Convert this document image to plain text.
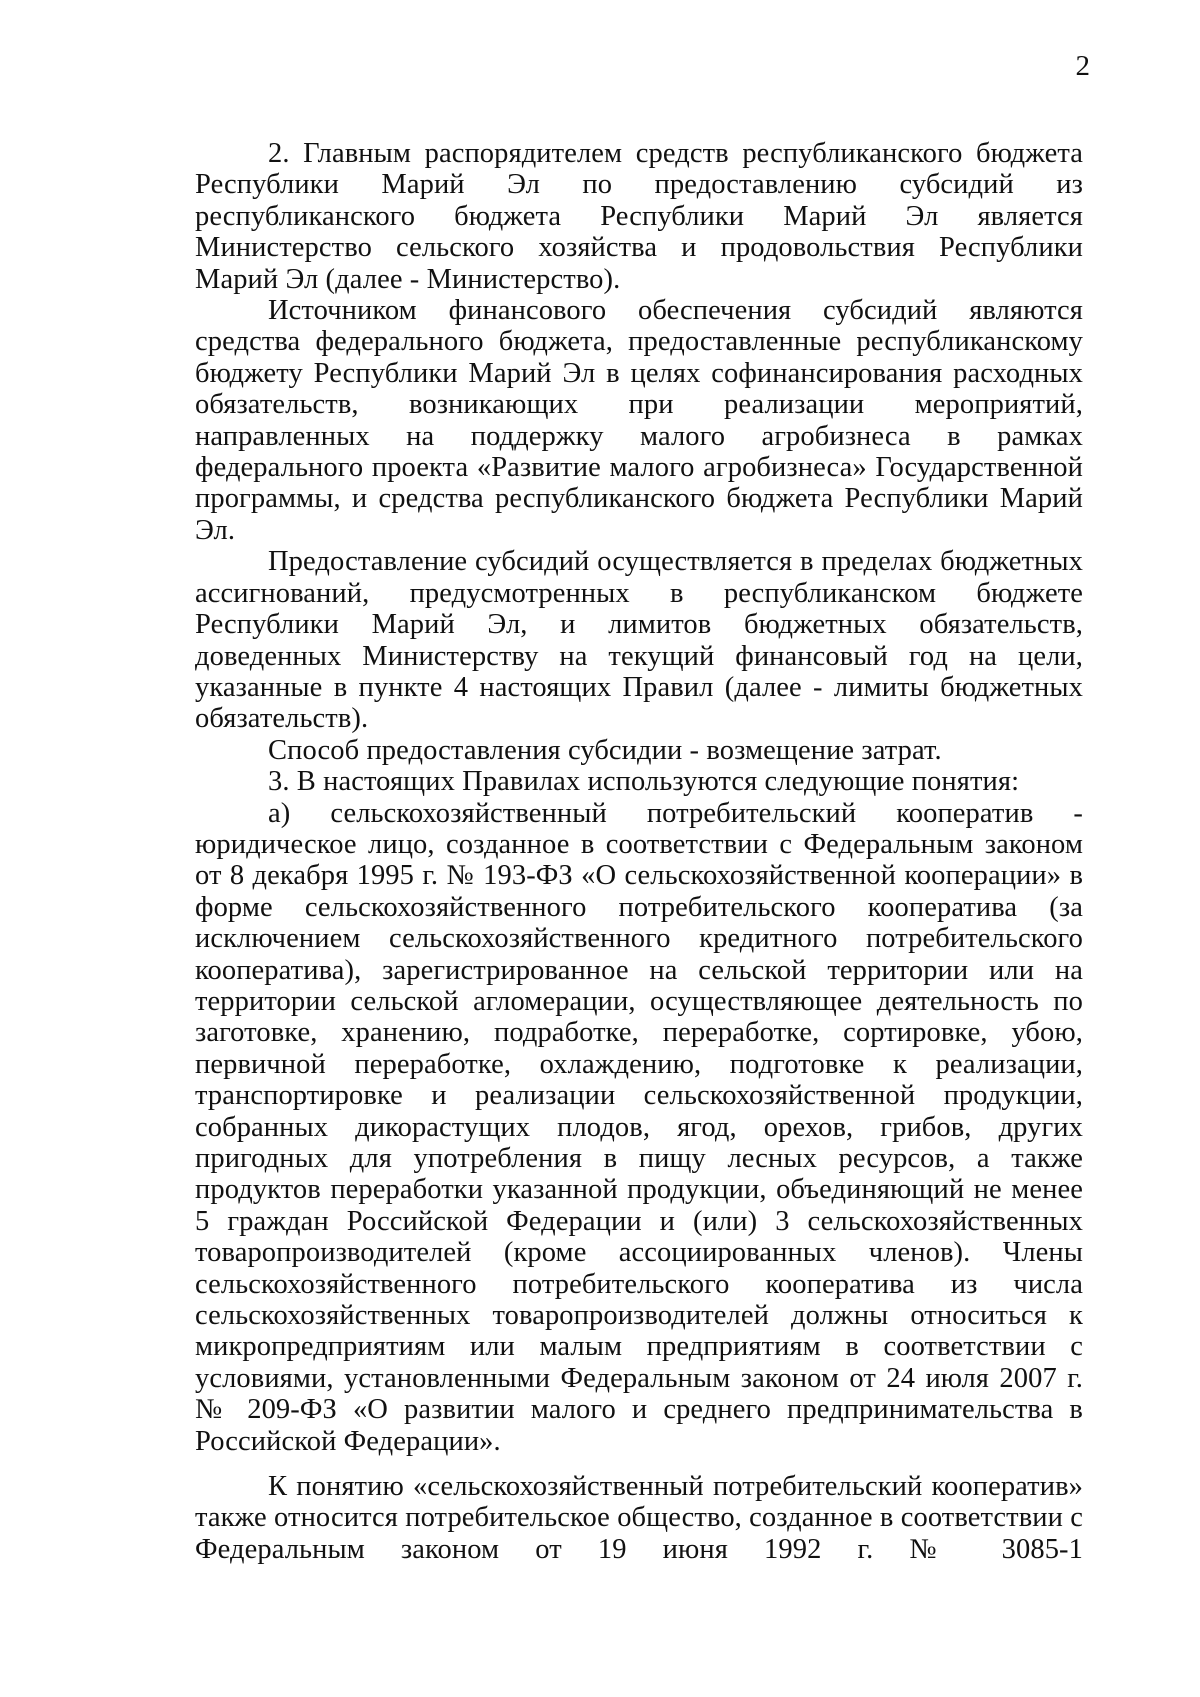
2

2. Главным распорядителем средств республиканского бюджета Республики Марий Эл по предоставлению субсидий из республиканского бюджета Республики Марий Эл является Министерство сельского хозяйства и продовольствия Республики Марий Эл (далее - Министерство).

Источником финансового обеспечения субсидий являются средства федерального бюджета, предоставленные республиканскому бюджету Республики Марий Эл в целях софинансирования расходных обязательств, возникающих при реализации мероприятий, направленных на поддержку малого агробизнеса в рамках федерального проекта «Развитие малого агробизнеса» Государственной программы, и средства республиканского бюджета Республики Марий Эл.

Предоставление субсидий осуществляется в пределах бюджетных ассигнований, предусмотренных в республиканском бюджете Республики Марий Эл, и лимитов бюджетных обязательств, доведенных Министерству на текущий финансовый год на цели, указанные в пункте 4 настоящих Правил (далее - лимиты бюджетных обязательств).

Способ предоставления субсидии - возмещение затрат.

3. В настоящих Правилах используются следующие понятия:

а) сельскохозяйственный потребительский кооператив - юридическое лицо, созданное в соответствии с Федеральным законом от 8 декабря 1995 г. № 193-ФЗ «О сельскохозяйственной кооперации» в форме сельскохозяйственного потребительского кооператива (за исключением сельскохозяйственного кредитного потребительского кооператива), зарегистрированное на сельской территории или на территории сельской агломерации, осуществляющее деятельность по заготовке, хранению, подработке, переработке, сортировке, убою, первичной переработке, охлаждению, подготовке к реализации, транспортировке и реализации сельскохозяйственной продукции, собранных дикорастущих плодов, ягод, орехов, грибов, других пригодных для употребления в пищу лесных ресурсов, а также продуктов переработки указанной продукции, объединяющий не менее 5 граждан Российской Федерации и (или) 3 сельскохозяйственных товаропроизводителей (кроме ассоциированных членов). Члены сельскохозяйственного потребительского кооператива из числа сельскохозяйственных товаропроизводителей должны относиться к микропредприятиям или малым предприятиям в соответствии с условиями, установленными Федеральным законом от 24 июля 2007 г. № 209-ФЗ «О развитии малого и среднего предпринимательства в Российской Федерации».

К понятию «сельскохозяйственный потребительский кооператив» также относится потребительское общество, созданное в соответствии с Федеральным законом от 19 июня 1992 г. № 3085-1
